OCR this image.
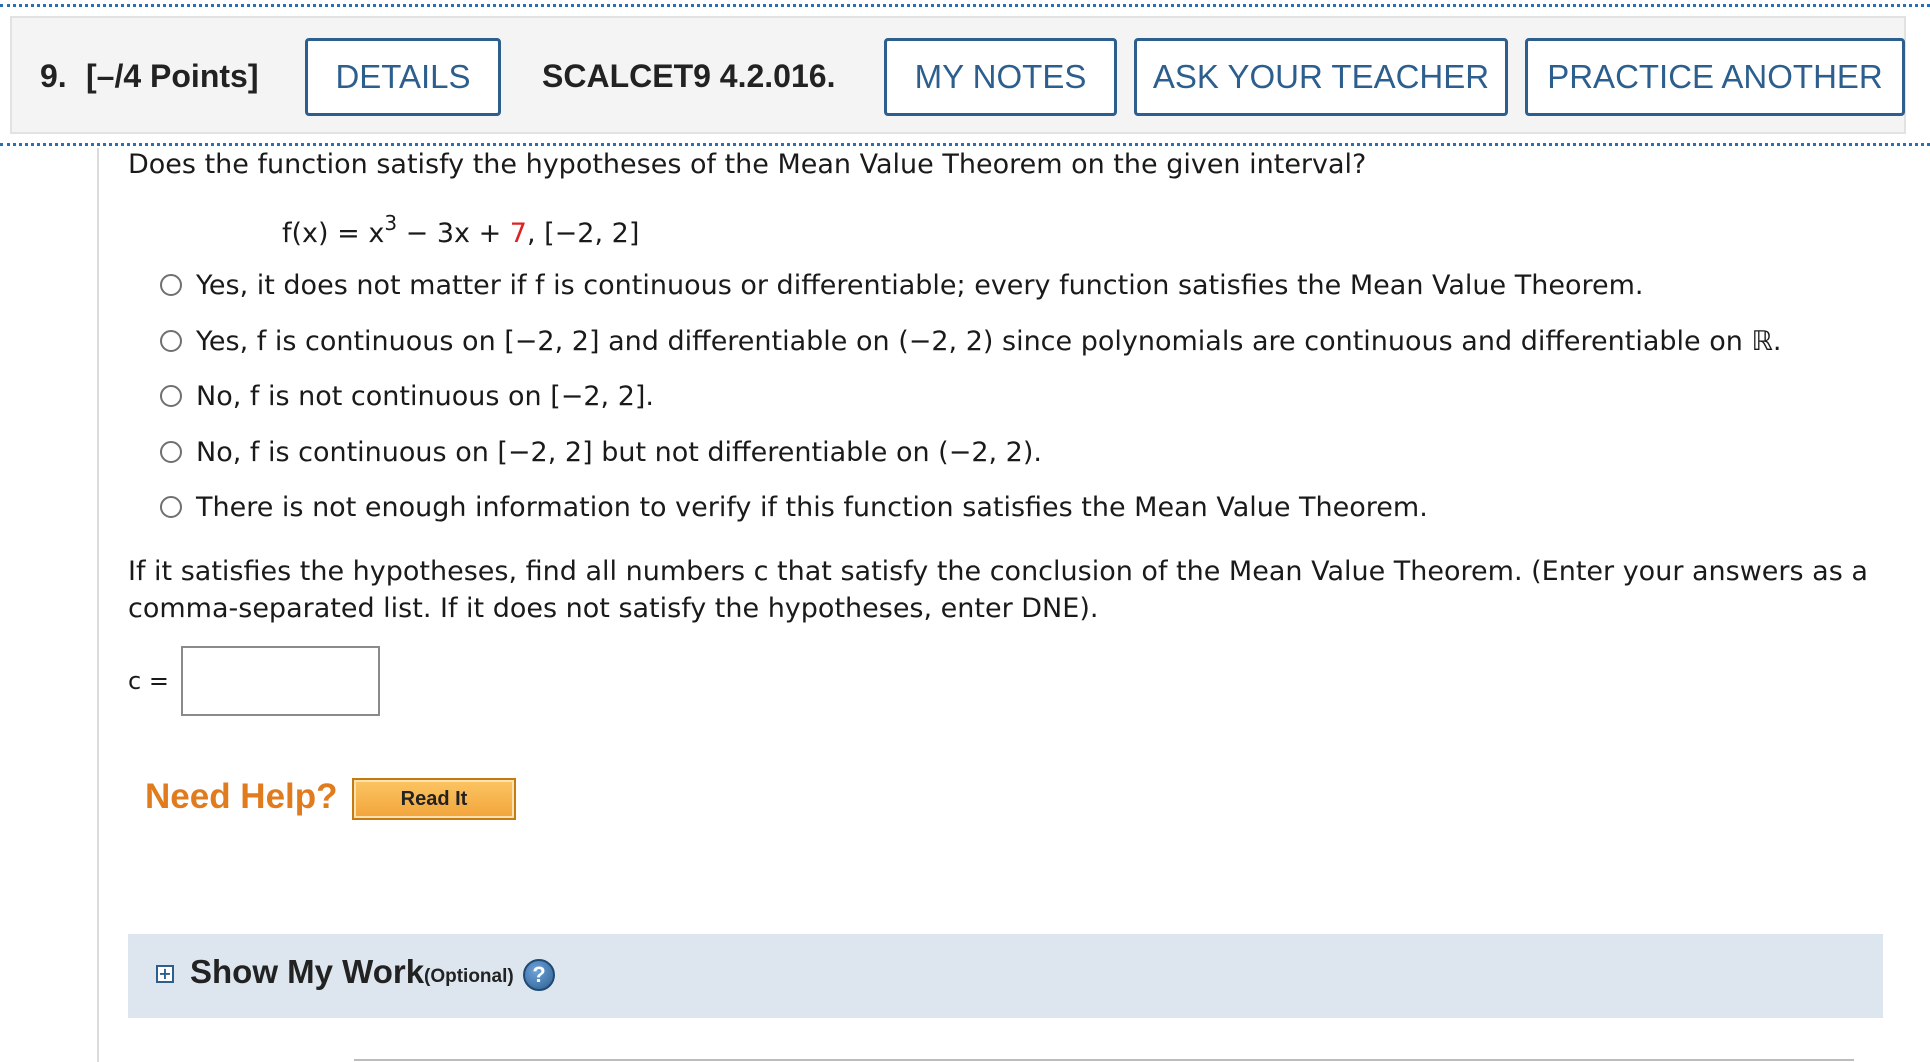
9. [–/4 Points]	DETAILS	SCALCET9 4.2.016.	MY NOTES	ASK YOUR TEACHER	PRACTICE ANOTHER
Does the function satisfy the hypotheses of the Mean Value Theorem on the given interval?
$f(x) = x^3 - 3x + 7$, [−2, 2]
Yes, it does not matter if f is continuous or differentiable; every function satisfies the Mean Value Theorem.
Yes, f is continuous on [−2, 2] and differentiable on (−2, 2) since polynomials are continuous and differentiable on ℝ.
No, f is not continuous on [−2, 2].
No, f is continuous on [−2, 2] but not differentiable on (−2, 2).
There is not enough information to verify if this function satisfies the Mean Value Theorem.
If it satisfies the hypotheses, find all numbers c that satisfy the conclusion of the Mean Value Theorem. (Enter your answers as a
comma-separated list. If it does not satisfy the hypotheses, enter DNE).
c =
Need Help?	Read It
+ Show My Work (Optional) ?
